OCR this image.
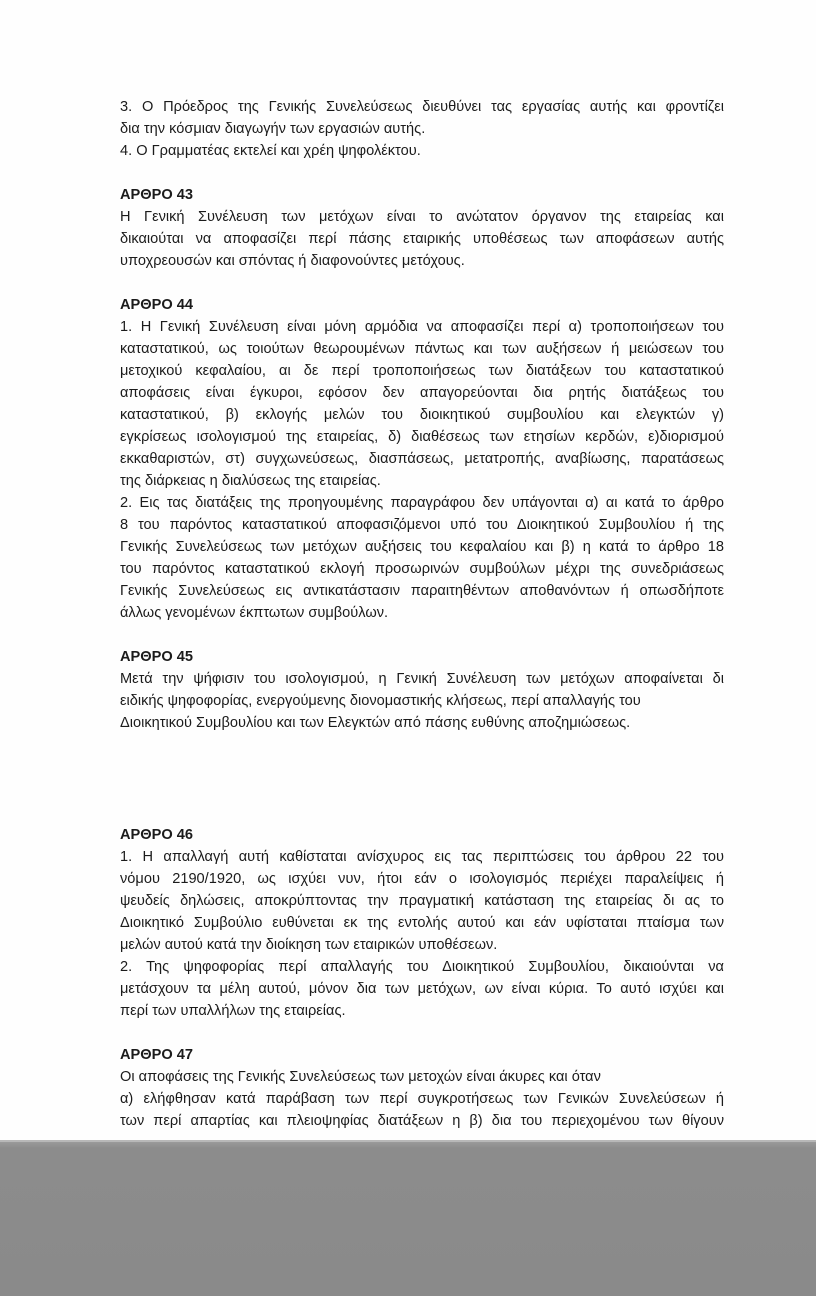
3. Ο Πρόεδρος της Γενικής Συνελεύσεως διευθύνει τας εργασίας αυτής και φροντίζει

δια την κόσμιαν διαγωγήν των εργασιών αυτής.

4. Ο Γραμματέας εκτελεί και χρέη ψηφολέκτου.

ΑΡΘΡΟ 43

Η Γενική Συνέλευση των μετόχων είναι το ανώτατον όργανον της εταιρείας και

δικαιούται να αποφασίζει περί πάσης εταιρικής υποθέσεως των αποφάσεων αυτής

υποχρεουσών και σπόντας ή διαφονούντες μετόχους.

ΑΡΘΡΟ 44

1. Η Γενική Συνέλευση είναι μόνη αρμόδια να αποφασίζει περί α) τροποποιήσεων του

καταστατικού, ως τοιούτων θεωρουμένων πάντως και των αυξήσεων ή μειώσεων του

μετοχικού κεφαλαίου, αι δε περί τροποποιήσεως των διατάξεων του καταστατικού

αποφάσεις είναι έγκυροι, εφόσον δεν απαγορεύονται δια ρητής διατάξεως του

καταστατικού, β) εκλογής μελών του διοικητικού συμβουλίου και ελεγκτών γ)

εγκρίσεως ισολογισμού της εταιρείας, δ) διαθέσεως των ετησίων κερδών, ε)διορισμού

εκκαθαριστών, στ) συγχωνεύσεως, διασπάσεως, μετατροπής, αναβίωσης, παρατάσεως

της διάρκειας η διαλύσεως της εταιρείας.

2. Εις τας διατάξεις της προηγουμένης παραγράφου δεν υπάγονται α) αι κατά το άρθρο

8 του παρόντος καταστατικού αποφασιζόμενοι υπό του Διοικητικού Συμβουλίου ή της

Γενικής Συνελεύσεως των μετόχων αυξήσεις του κεφαλαίου και β) η κατά το άρθρο 18

του παρόντος καταστατικού εκλογή προσωρινών συμβούλων μέχρι της συνεδριάσεως

Γενικής Συνελεύσεως εις αντικατάστασιν παραιτηθέντων αποθανόντων ή οπωσδήποτε

άλλως γενομένων έκπτωτων συμβούλων.

ΑΡΘΡΟ 45

Μετά την ψήφισιν του ισολογισμού, η Γενική Συνέλευση των μετόχων αποφαίνεται δι

ειδικής ψηφοφορίας, ενεργούμενης διονομαστικής κλήσεως, περί απαλλαγής του

Διοικητικού Συμβουλίου και των Ελεγκτών από πάσης ευθύνης αποζημιώσεως.

ΑΡΘΡΟ 46

1. Η απαλλαγή αυτή καθίσταται ανίσχυρος εις τας περιπτώσεις του άρθρου 22 του

νόμου 2190/1920, ως ισχύει νυν, ήτοι εάν ο ισολογισμός περιέχει παραλείψεις ή

ψευδείς δηλώσεις, αποκρύπτοντας την πραγματική κατάσταση της εταιρείας δι ας το

Διοικητικό Συμβούλιο ευθύνεται εκ της εντολής αυτού και εάν υφίσταται πταίσμα των

μελών αυτού κατά την διοίκηση των εταιρικών υποθέσεων.

2. Της ψηφοφορίας περί απαλλαγής του Διοικητικού Συμβουλίου, δικαιούνται να

μετάσχουν τα μέλη αυτού, μόνον δια των μετόχων, ων είναι κύρια. Το αυτό ισχύει και

περί των υπαλλήλων της εταιρείας.

ΑΡΘΡΟ 47

Οι αποφάσεις της Γενικής Συνελεύσεως των μετοχών είναι άκυρες και όταν

α) ελήφθησαν κατά παράβαση των περί συγκροτήσεως των Γενικών Συνελεύσεων ή

των περί απαρτίας και πλειοψηφίας διατάξεων η β) δια του περιεχομένου των θίγουν
